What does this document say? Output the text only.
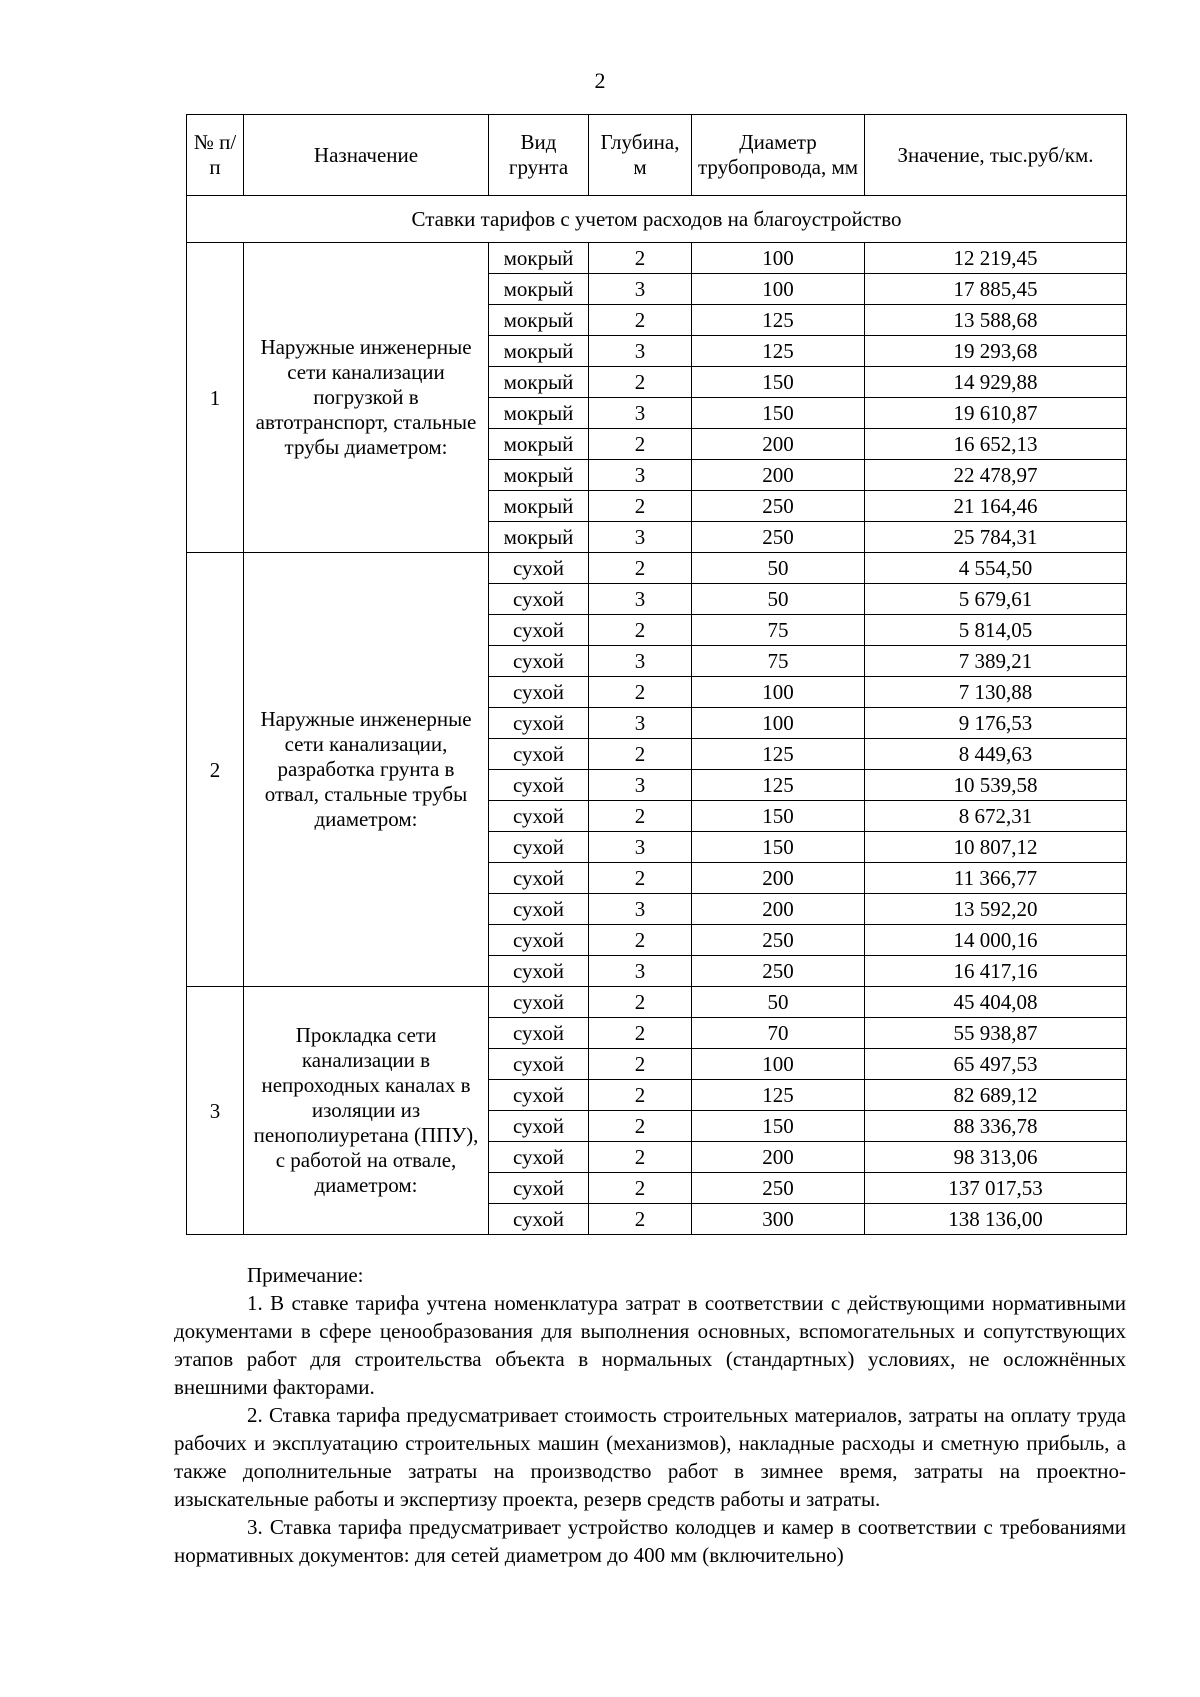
2
№ п/п	Назначение	Вид грунта	Глубина, м	Диаметр трубопровода, мм	Значение, тыс.руб/км.
Ставки тарифов с учетом расходов на благоустройство					
1	Наружные инженерные сети канализации погрузкой в автотранспорт, стальные трубы диаметром:	мокрый	2	100	12 219,45
		мокрый	3	100	17 885,45
		мокрый	2	125	13 588,68
		мокрый	3	125	19 293,68
		мокрый	2	150	14 929,88
		мокрый	3	150	19 610,87
		мокрый	2	200	16 652,13
		мокрый	3	200	22 478,97
		мокрый	2	250	21 164,46
		мокрый	3	250	25 784,31
2	Наружные инженерные сети канализации, разработка грунта в отвал, стальные трубы диаметром:	сухой	2	50	4 554,50
		сухой	3	50	5 679,61
		сухой	2	75	5 814,05
		сухой	3	75	7 389,21
		сухой	2	100	7 130,88
		сухой	3	100	9 176,53
		сухой	2	125	8 449,63
		сухой	3	125	10 539,58
		сухой	2	150	8 672,31
		сухой	3	150	10 807,12
		сухой	2	200	11 366,77
		сухой	3	200	13 592,20
		сухой	2	250	14 000,16
		сухой	3	250	16 417,16
3	Прокладка сети канализации в непроходных каналах в изоляции из пенополиуретана (ППУ), с работой на отвале, диаметром:	сухой	2	50	45 404,08
		сухой	2	70	55 938,87
		сухой	2	100	65 497,53
		сухой	2	125	82 689,12
		сухой	2	150	88 336,78
		сухой	2	200	98 313,06
		сухой	2	250	137 017,53
		сухой	2	300	138 136,00
Примечание:

1. В ставке тарифа учтена номенклатура затрат в соответствии с действующими нормативными документами в сфере ценообразования для выполнения основных, вспомогательных и сопутствующих этапов работ для строительства объекта в нормальных (стандартных) условиях, не осложнённых внешними факторами.

2. Ставка тарифа предусматривает стоимость строительных материалов, затраты на оплату труда рабочих и эксплуатацию строительных машин (механизмов), накладные расходы и сметную прибыль, а также дополнительные затраты на производство работ в зимнее время, затраты на проектно-изыскательные работы и экспертизу проекта, резерв средств работы и затраты.

3. Ставка тарифа предусматривает устройство колодцев и камер в соответствии с требованиями нормативных документов: для сетей диаметром до 400 мм (включительно)
